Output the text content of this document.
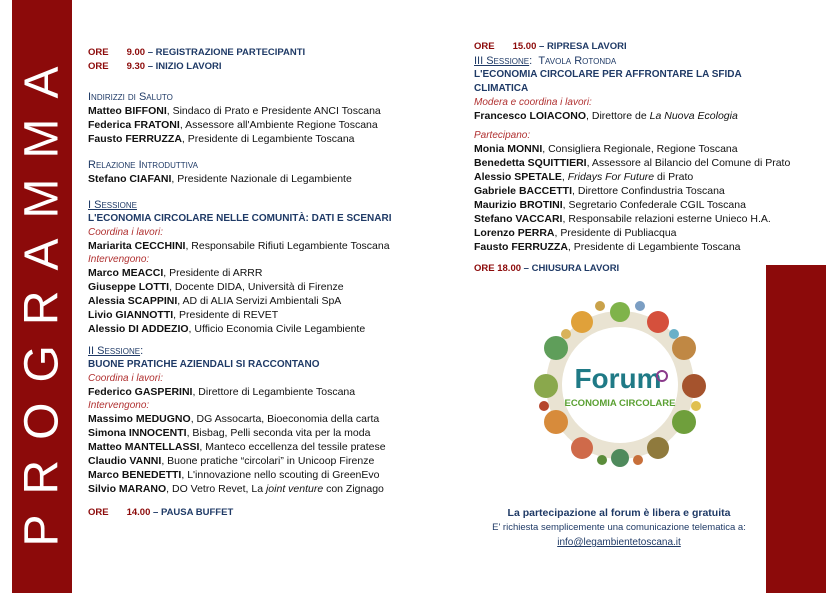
PROGRAMMA ORE 9.00 – REGISTRAZIONE PARTECIPANTI
ORE 9.30 – INIZIO LAVORI
Indirizzi di Saluto
Matteo BIFFONI, Sindaco di Prato e Presidente ANCI Toscana
Federica FRATONI, Assessore all'Ambiente Regione Toscana
Fausto FERRUZZA, Presidente di Legambiente Toscana
Relazione Introduttiva
Stefano CIAFANI, Presidente Nazionale di Legambiente
I Sessione
L'ECONOMIA CIRCOLARE NELLE COMUNITÀ: DATI E SCENARI
Coordina i lavori:
Mariarita CECCHINI, Responsabile Rifiuti Legambiente Toscana
Intervengono:
Marco MEACCI, Presidente di ARRR
Giuseppe LOTTI, Docente DIDA, Università di Firenze
Alessia SCAPPINI, AD di ALIA Servizi Ambientali SpA
Livio GIANNOTTI, Presidente di REVET
Alessio DI ADDEZIO, Ufficio Economia Civile Legambiente
II Sessione:
BUONE PRATICHE AZIENDALI SI RACCONTANO
Coordina i lavori:
Federico GASPERINI, Direttore di Legambiente Toscana
Intervengono:
Massimo MEDUGNO, DG Assocarta, Bioeconomia della carta
Simona INNOCENTI, Bisbag, Pelli seconda vita per la moda
Matteo MANTELLASSI, Manteco eccellenza del tessile pratese
Claudio VANNI, Buone pratiche “circolari” in Unicoop Firenze
Marco BENEDETTI, L'innovazione nello scouting di GreenEvo
Silvio MARANO, DO Vetro Revet, La joint venture con Zignago
ORE 14.00 – PAUSA BUFFET
ORE 15.00 – RIPRESA LAVORI
III Sessione: Tavola Rotonda
L'ECONOMIA CIRCOLARE PER AFFRONTARE LA SFIDA CLIMATICA
Modera e coordina i lavori:
Francesco LOIACONO, Direttore de La Nuova Ecologia
Partecipano:
Monia MONNI, Consigliera Regionale, Regione Toscana
Benedetta SQUITTIERI, Assessore al Bilancio del Comune di Prato
Alessio SPETALE, Fridays For Future di Prato
Gabriele BACCETTI, Direttore Confindustria Toscana
Maurizio BROTINI, Segretario Confederale CGIL Toscana
Stefano VACCARI, Responsabile relazioni esterne Unieco H.A.
Lorenzo PERRA, Presidente di Publiacqua
Fausto FERRUZZA, Presidente di Legambiente Toscana
ORE 18.00 – CHIUSURA LAVORI
Forum
ECONOMIA CIRCOLARE
La partecipazione al forum è libera e gratuita
E' richiesta semplicemente una comunicazione telematica a:
info@legambientetoscana.it
